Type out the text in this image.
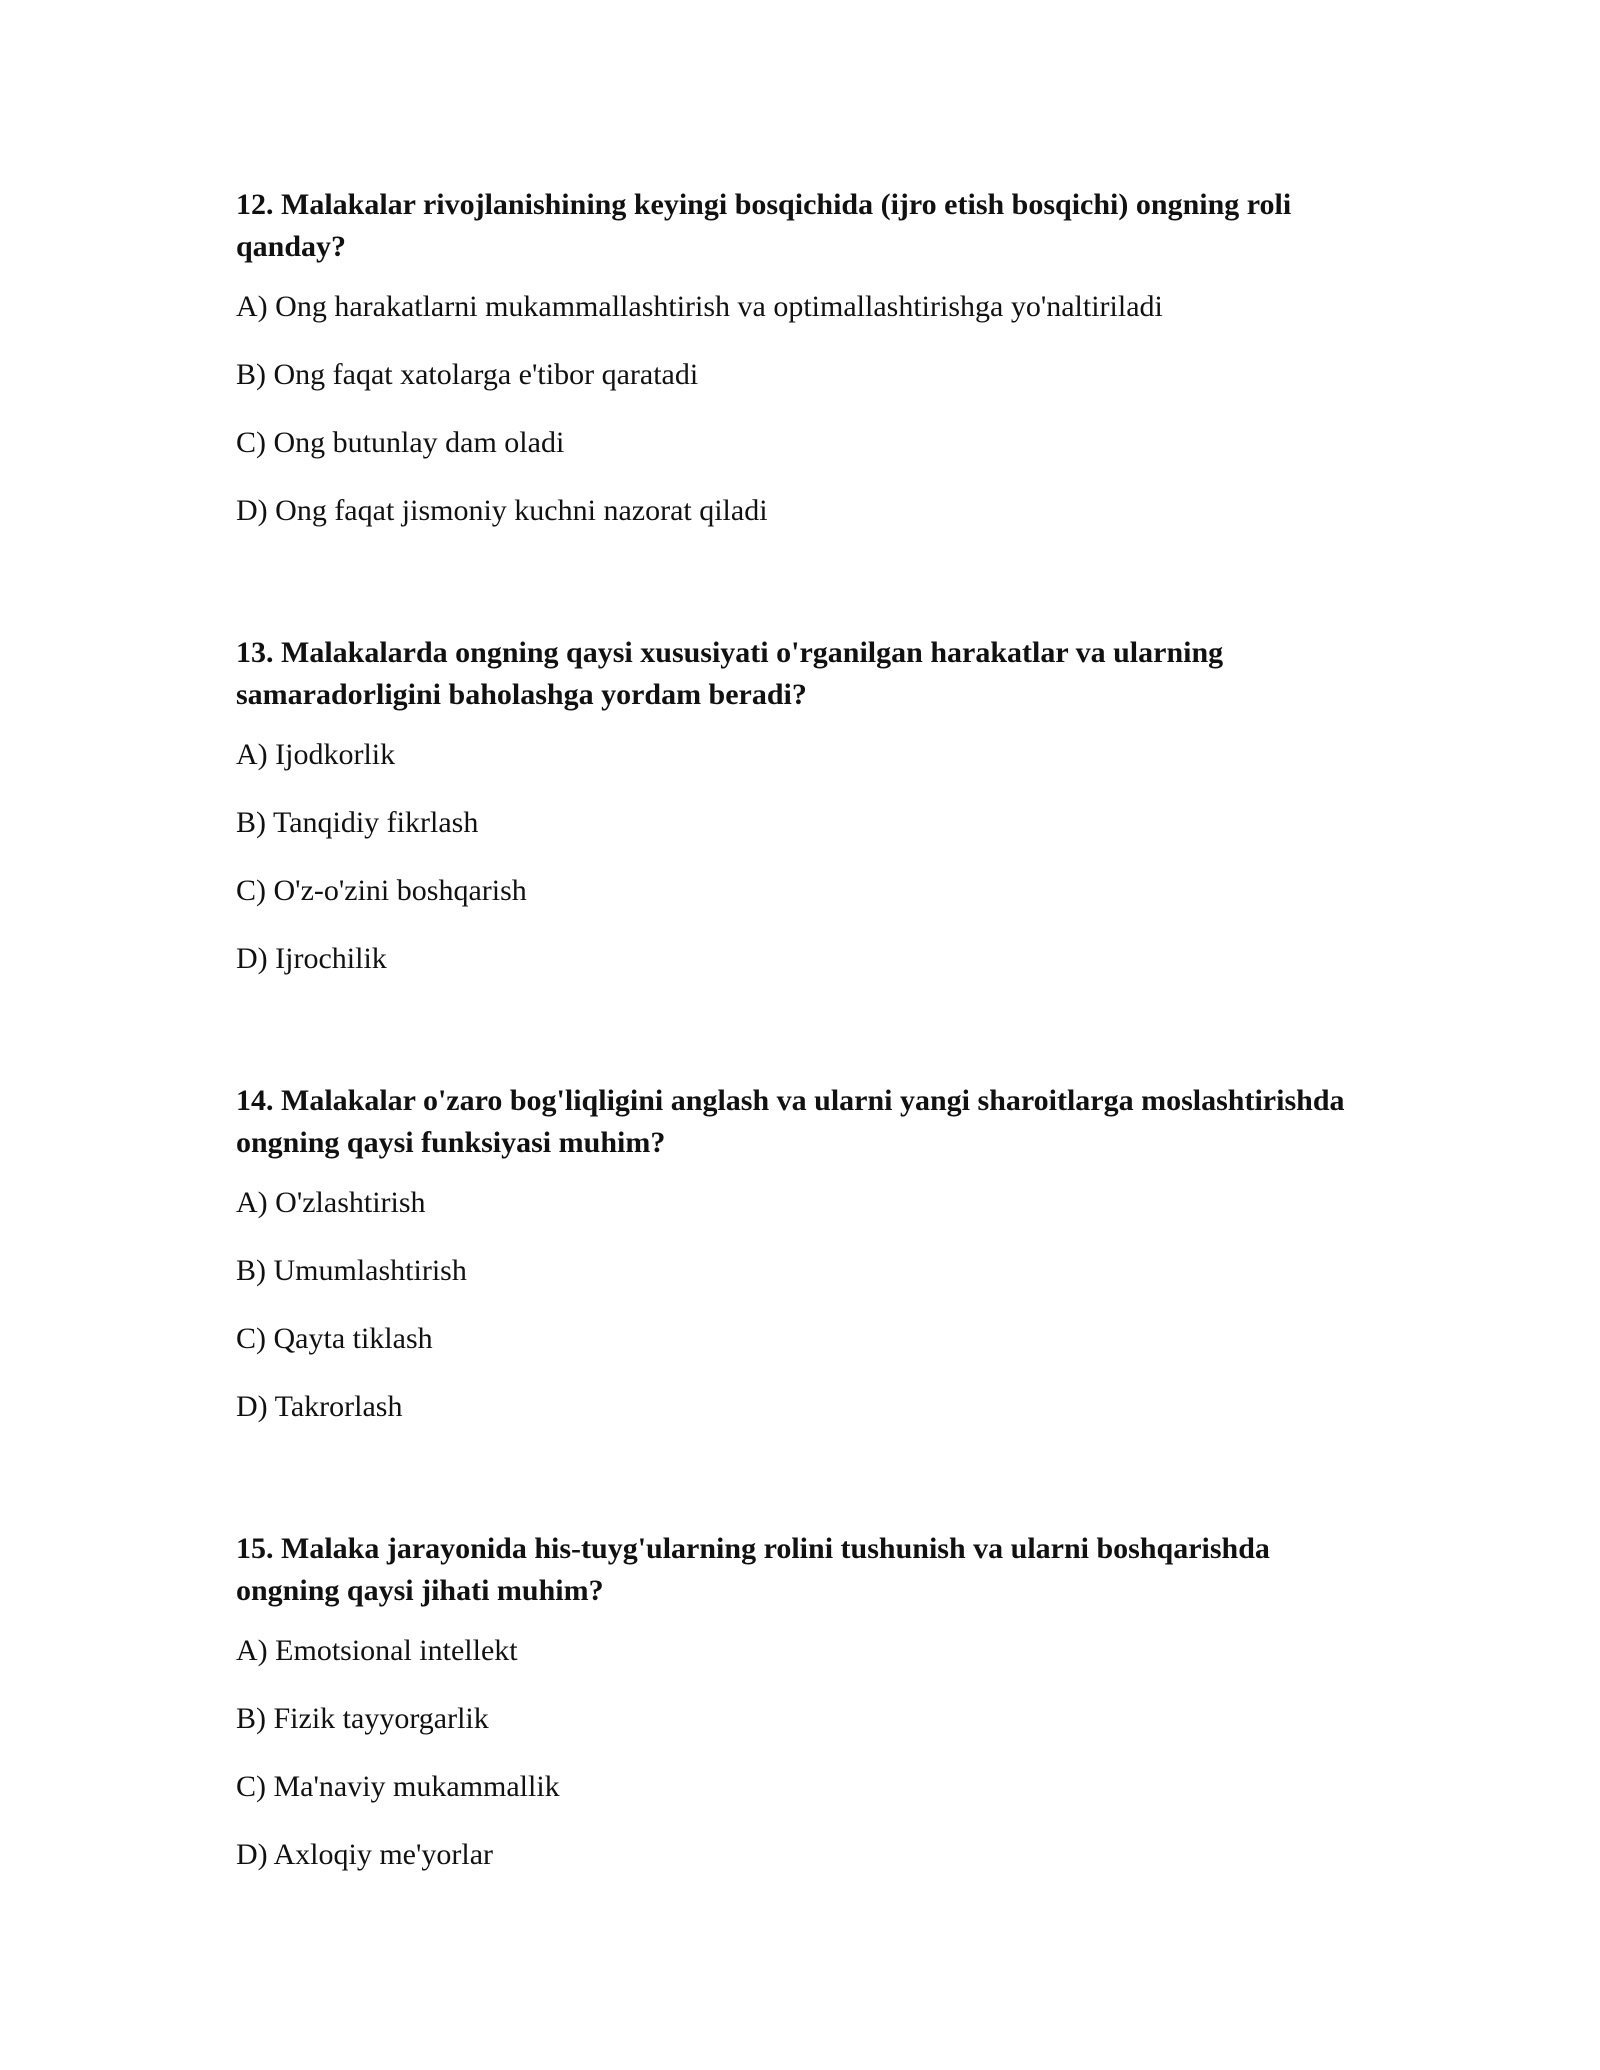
12. Malakalar rivojlanishining keyingi bosqichida (ijro etish bosqichi) ongning roli qanday?

A) Ong harakatlarni mukammallashtirish va optimallashtirishga yo'naltiriladi

B) Ong faqat xatolarga e'tibor qaratadi

C) Ong butunlay dam oladi

D) Ong faqat jismoniy kuchni nazorat qiladi

13. Malakalarda ongning qaysi xususiyati o'rganilgan harakatlar va ularning samaradorligini baholashga yordam beradi?

A) Ijodkorlik

B) Tanqidiy fikrlash

C) O'z-o'zini boshqarish

D) Ijrochilik

14. Malakalar o'zaro bog'liqligini anglash va ularni yangi sharoitlarga moslashtirishda ongning qaysi funksiyasi muhim?

A) O'zlashtirish

B) Umumlashtirish

C) Qayta tiklash

D) Takrorlash

15. Malaka jarayonida his-tuyg'ularning rolini tushunish va ularni boshqarishda ongning qaysi jihati muhim?

A) Emotsional intellekt

B) Fizik tayyorgarlik

C) Ma'naviy mukammallik

D) Axloqiy me'yorlar
